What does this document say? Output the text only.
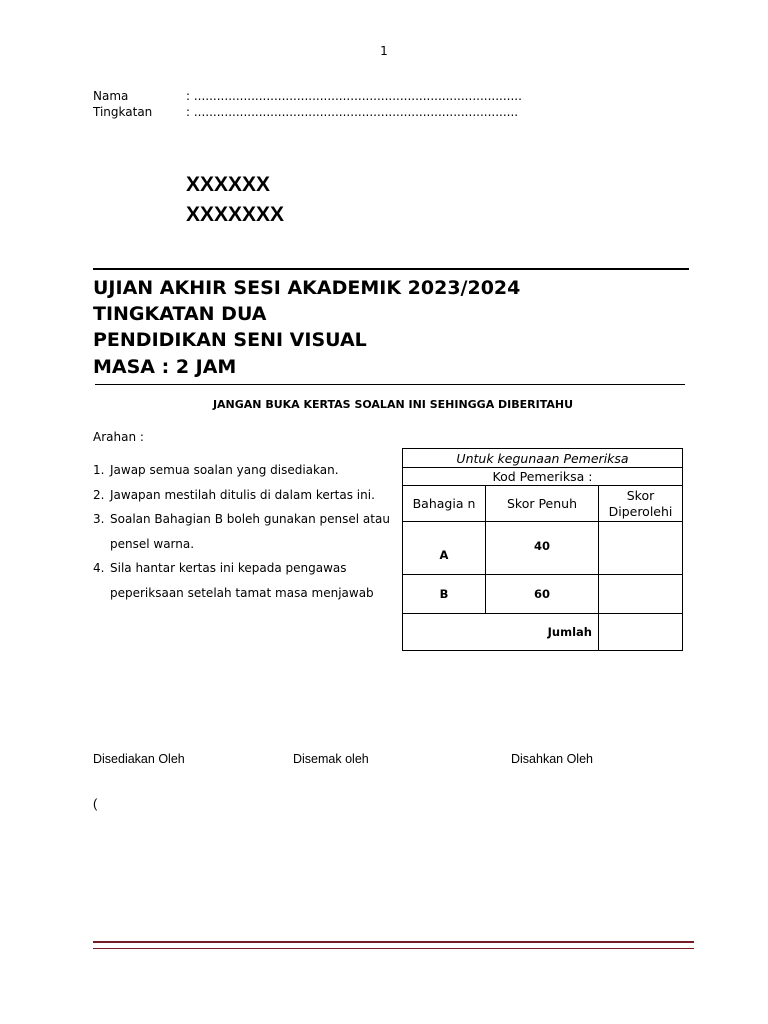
1
Nama	: ......................................................................................
Tingkatan	: .....................................................................................
XXXXXX
XXXXXXX
UJIAN AKHIR SESI AKADEMIK 2023/2024
TINGKATAN DUA
PENDIDIKAN SENI VISUAL
MASA : 2 JAM
JANGAN BUKA KERTAS SOALAN INI SEHINGGA DIBERITAHU
Arahan :
1. Jawap semua soalan yang disediakan.
2. Jawapan mestilah ditulis di dalam kertas ini.
3. Soalan Bahagian B boleh gunakan pensel atau pensel warna.
4. Sila hantar kertas ini kepada pengawas peperiksaan setelah tamat masa menjawab
Untuk kegunaan Pemeriksa		
Kod Pemeriksa :		
Bahagia n	Skor Penuh	Skor Diperolehi
A	40	
B	60	
Jumlah		
Disediakan Oleh	Disemak oleh	Disahkan Oleh
(
